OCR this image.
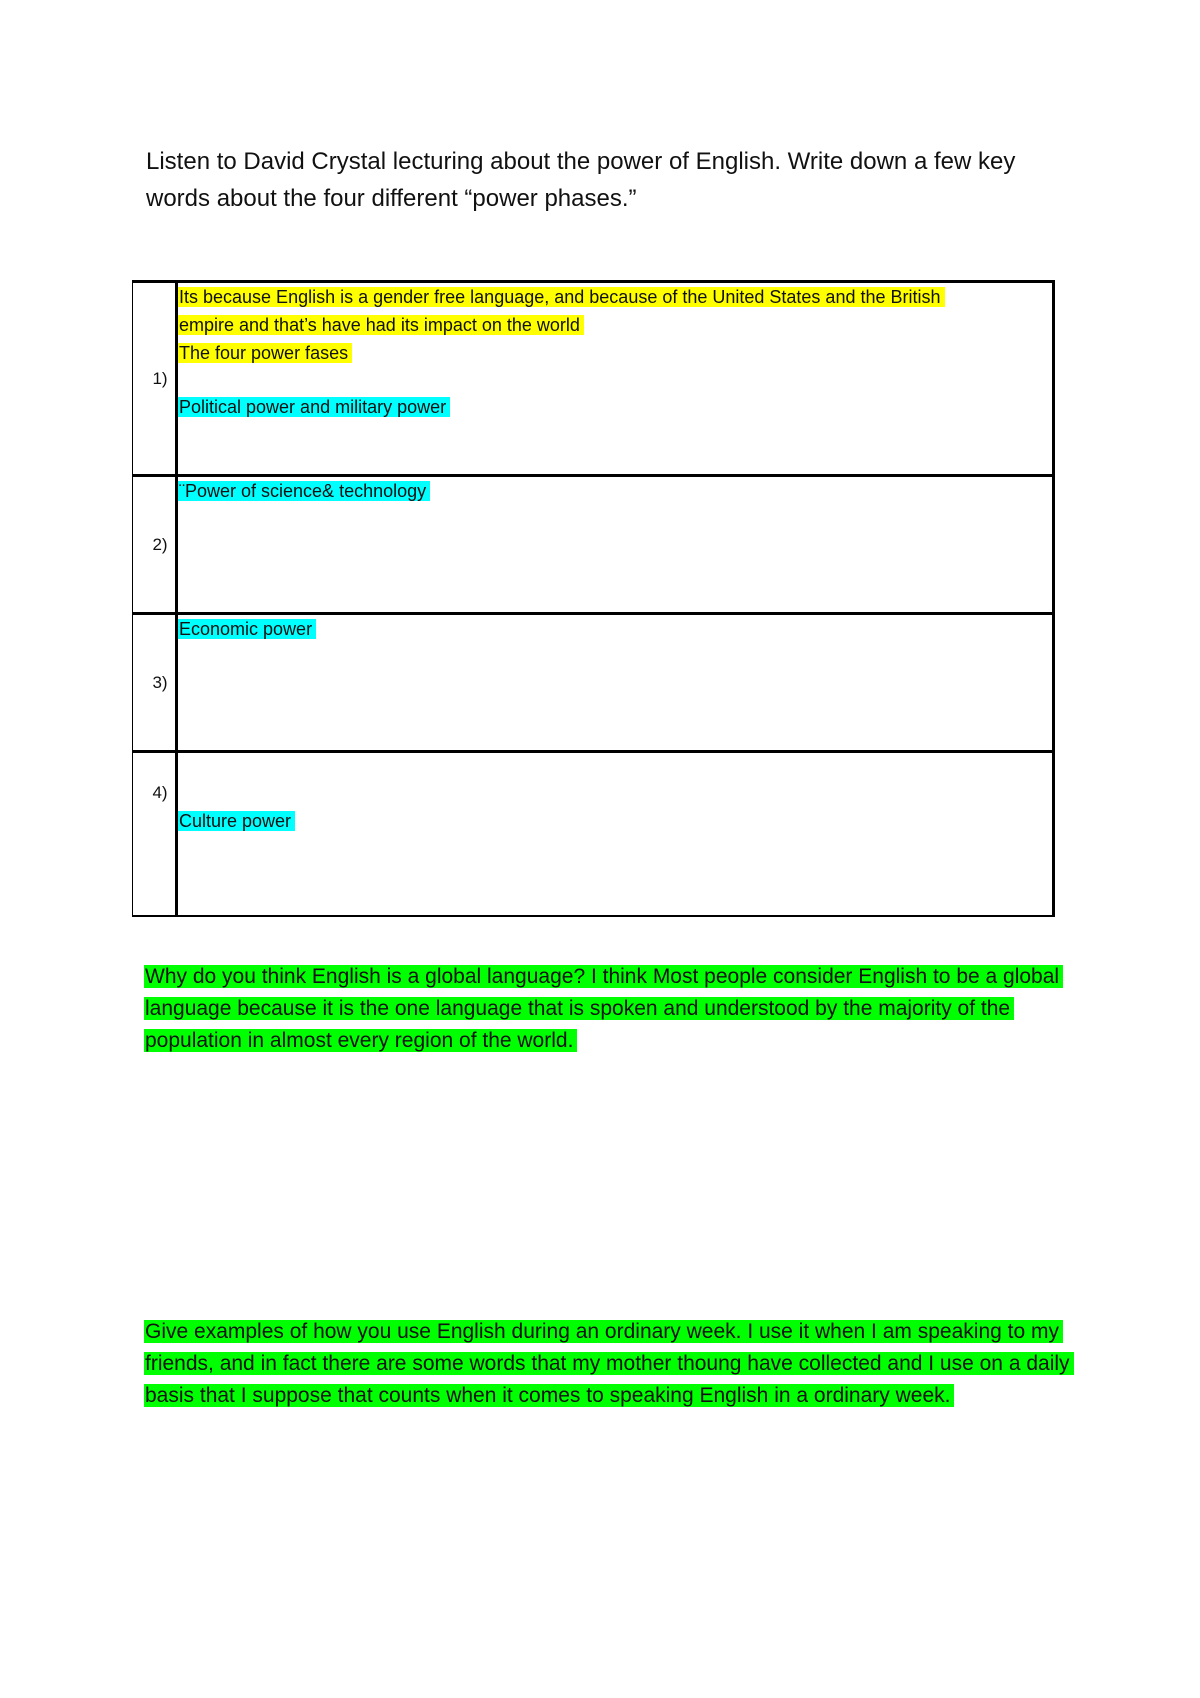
Listen to David Crystal lecturing about the power of English. Write down a few key words about the four different “power phases.”

1)	Its because English is a gender free language, and because of the United States and the British
empire and that’s have had its impact on the world
The four power fases
Political power and military power
2)	¨Power of science& technology
3)	Economic power
4)	Culture power

Why do you think English is a global language? I think Most people consider English to be a global language because it is the one language that is spoken and understood by the majority of the population in almost every region of the world.

Give examples of how you use English during an ordinary week. I use it when I am speaking to my friends, and in fact there are some words that my mother thoung have collected and I use on a daily basis that I suppose that counts when it comes to speaking English in a ordinary week.
